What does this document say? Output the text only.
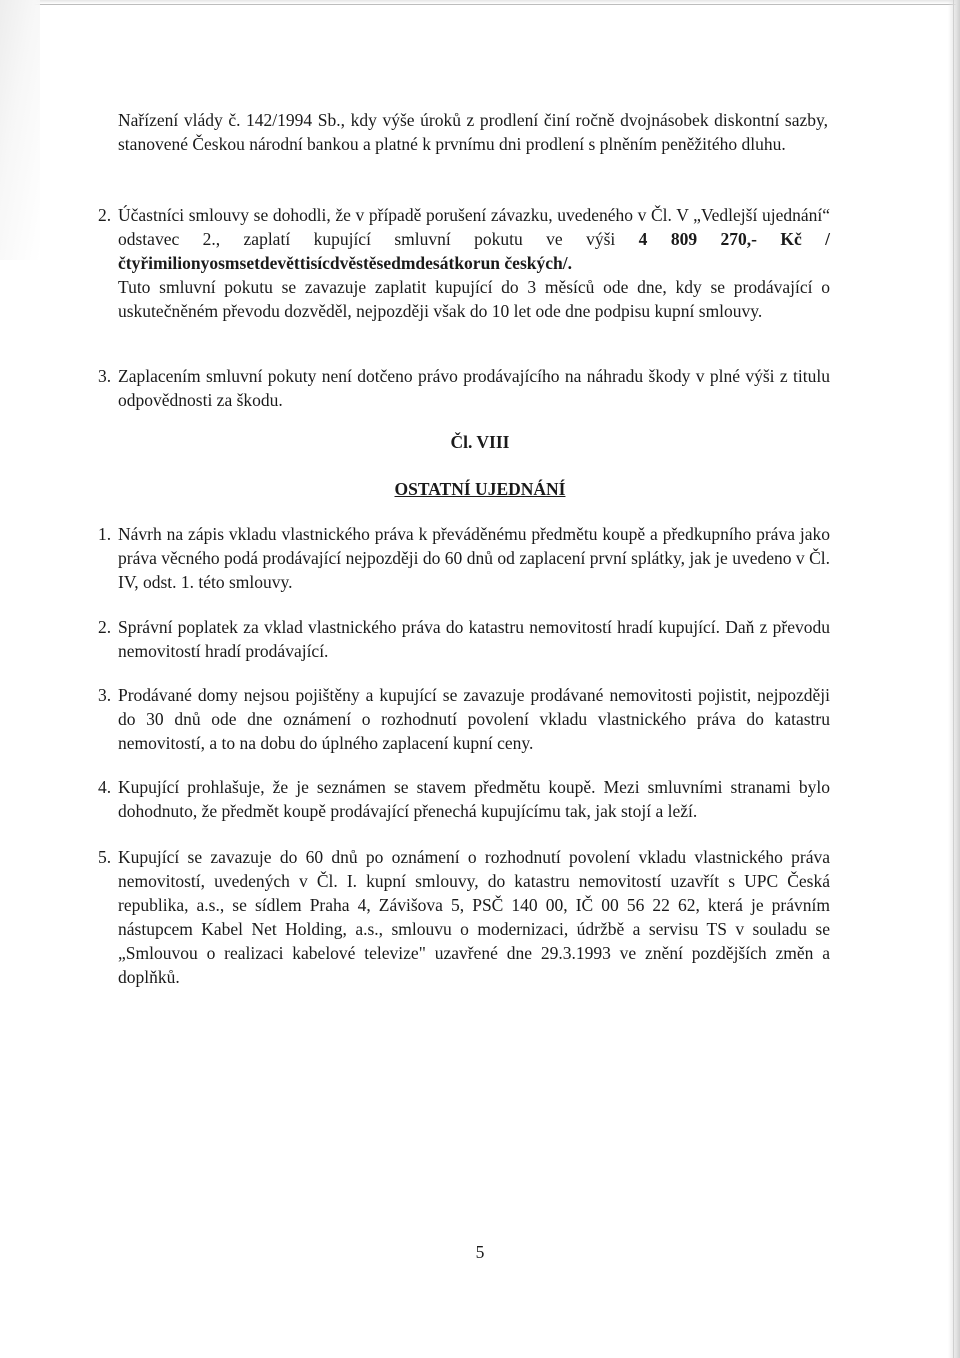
Nařízení vlády č. 142/1994 Sb., kdy výše úroků z prodlení činí ročně dvojnásobek diskontní sazby, stanovené Českou národní bankou a platné k prvnímu dni prodlení s plněním peněžitého dluhu.
2. Účastníci smlouvy se dohodli, že v případě porušení závazku, uvedeného v Čl. V „Vedlejší ujednání“ odstavec 2., zaplatí kupující smluvní pokutu ve výši 4 809 270,- Kč /čtyřimilionyosmsetdevěttisícdvěstěsedmdesátkorun českých/.
Tuto smluvní pokutu se zavazuje zaplatit kupující do 3 měsíců ode dne, kdy se prodávající o uskutečněném převodu dozvěděl, nejpozději však do 10 let ode dne podpisu kupní smlouvy.
3. Zaplacením smluvní pokuty není dotčeno právo prodávajícího na náhradu škody v plné výši z titulu odpovědnosti za škodu.
Čl. VIII
OSTATNÍ UJEDNÁNÍ
1. Návrh na zápis vkladu vlastnického práva k převáděnému předmětu koupě a předkupního práva jako práva věcného podá prodávající nejpozději do 60 dnů od zaplacení první splátky, jak je uvedeno v Čl. IV, odst. 1. této smlouvy.
2. Správní poplatek za vklad vlastnického práva do katastru nemovitostí hradí kupující. Daň z převodu nemovitostí hradí prodávající.
3. Prodávané domy nejsou pojištěny a kupující se zavazuje prodávané nemovitosti pojistit, nejpozději do 30 dnů ode dne oznámení o rozhodnutí povolení vkladu vlastnického práva do katastru nemovitostí, a to na dobu do úplného zaplacení kupní ceny.
4. Kupující prohlašuje, že je seznámen se stavem předmětu koupě. Mezi smluvními stranami bylo dohodnuto, že předmět koupě prodávající přenechá kupujícímu tak, jak stojí a leží.
5. Kupující se zavazuje do 60 dnů po oznámení o rozhodnutí povolení vkladu vlastnického práva nemovitostí, uvedených v Čl. I. kupní smlouvy, do katastru nemovitostí uzavřít s UPC Česká republika, a.s., se sídlem Praha 4, Závišova 5, PSČ 140 00, IČ 00 56 22 62, která je právním nástupcem Kabel Net Holding, a.s., smlouvu o modernizaci, údržbě a servisu TS v souladu se „Smlouvou o realizaci kabelové televize" uzavřené dne 29.3.1993 ve znění pozdějších změn a doplňků.
5
